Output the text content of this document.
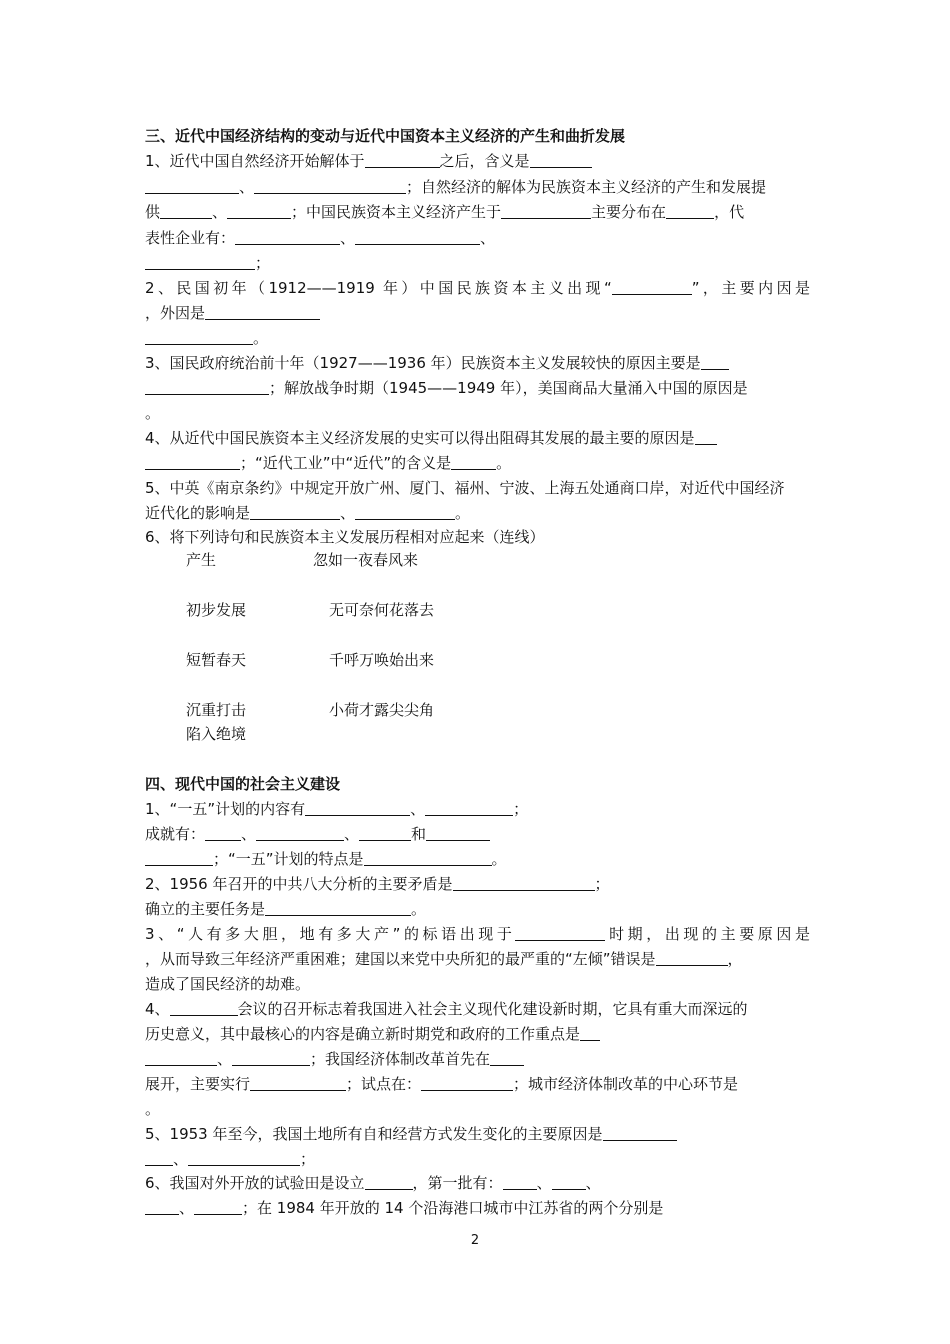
三、近代中国经济结构的变动与近代中国资本主义经济的产生和曲折发展
1、近代中国自然经济开始解体于	之后，含义是
、	；自然经济的解体为民族资本主义经济的产生和发展提
供	、	；中国民族资本主义经济产生于	主要分布在	，代
表性企业有：	、	、
；
2、民国初年（1912——1919 年）中国民族资本主义出现“	”，主要内因是
，外因是
。
3、国民政府统治前十年（1927——1936 年）民族资本主义发展较快的原因主要是
；解放战争时期（1945——1949 年），美国商品大量涌入中国的原因是
。
4、从近代中国民族资本主义经济发展的史实可以得出阻碍其发展的最主要的原因是
；“近代工业”中“近代”的含义是	。
5、中英《南京条约》中规定开放广州、厦门、福州、宁波、上海五处通商口岸，对近代中国经济
近代化的影响是	、	。
6、将下列诗句和民族资本主义发展历程相对应起来（连线）
产生	忽如一夜春风来
初步发展	无可奈何花落去
短暂春天	千呼万唤始出来
沉重打击	小荷才露尖尖角
陷入绝境
四、现代中国的社会主义建设
1、“一五”计划的内容有	、	；
成就有： 、	、	和
；“一五”计划的特点是	。
2、1956 年召开的中共八大分析的主要矛盾是	；
确立的主要任务是	。
3、“人有多大胆，地有多大产”的标语出现于	时期，出现的主要原因是
，从而导致三年经济严重困难；建国以来党中央所犯的最严重的“左倾”错误是	，
造成了国民经济的劫难。
4、	会议的召开标志着我国进入社会主义现代化建设新时期，它具有重大而深远的
历史意义，其中最核心的内容是确立新时期党和政府的工作重点是
、	；我国经济体制改革首先在
展开，主要实行	；试点在：	；城市经济体制改革的中心环节是
。
5、1953 年至今，我国土地所有自和经营方式发生变化的主要原因是
、	；
6、我国对外开放的试验田是设立	，第一批有： 、 、
、	；在 1984 年开放的 14 个沿海港口城市中江苏省的两个分别是
2
